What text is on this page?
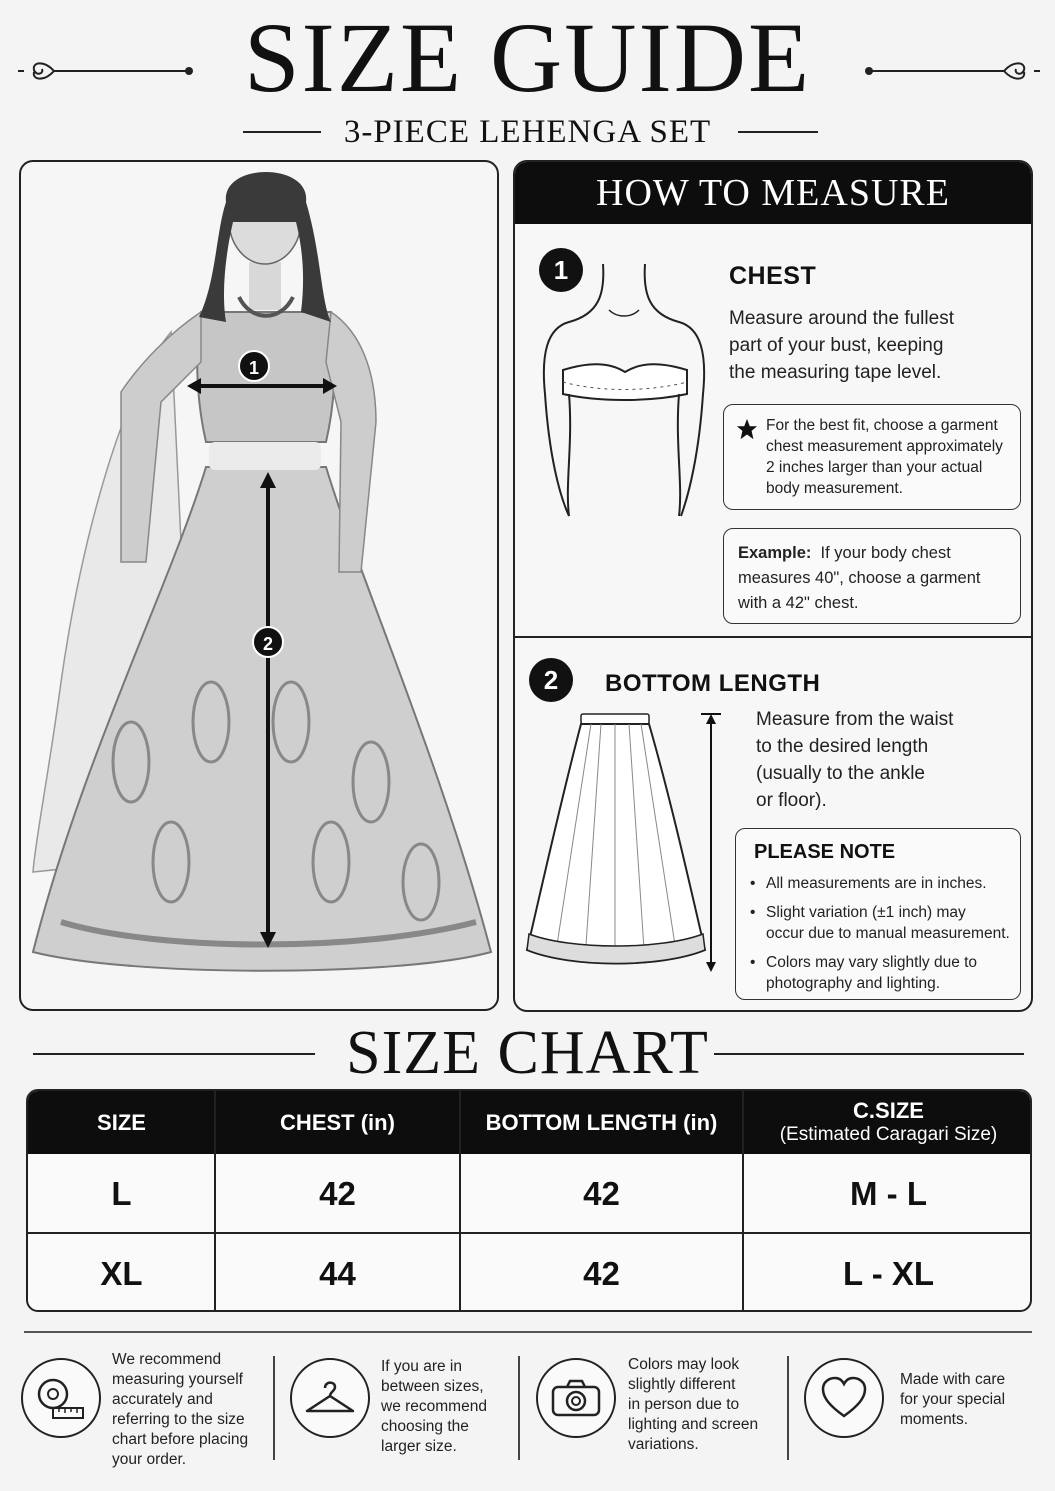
SIZE GUIDE
3-PIECE LEHENGA SET
1
2
HOW TO MEASURE
1	CHEST
Measure around the fullest
part of your bust, keeping
the measuring tape level.
For the best fit, choose a garment
chest measurement approximately
2 inches larger than your actual
body measurement.
Example: If your body chest
measures 40", choose a garment
with a 42" chest.
2	BOTTOM LENGTH
Measure from the waist
to the desired length
(usually to the ankle
or floor).
PLEASE NOTE
• All measurements are in inches.
• Slight variation (±1 inch) may
occur due to manual measurement.
• Colors may vary slightly due to
photography and lighting.
SIZE CHART
SIZE	CHEST (in)	BOTTOM LENGTH (in)	C.SIZE
(Estimated Caragari Size)
L	42	42	M - L
XL	44	42	L - XL
We recommend
measuring yourself
accurately and
referring to the size
chart before placing
your order.
If you are in
between sizes,
we recommend
choosing the
larger size.
Colors may look
slightly different
in person due to
lighting and screen
variations.
Made with care
for your special
moments.
